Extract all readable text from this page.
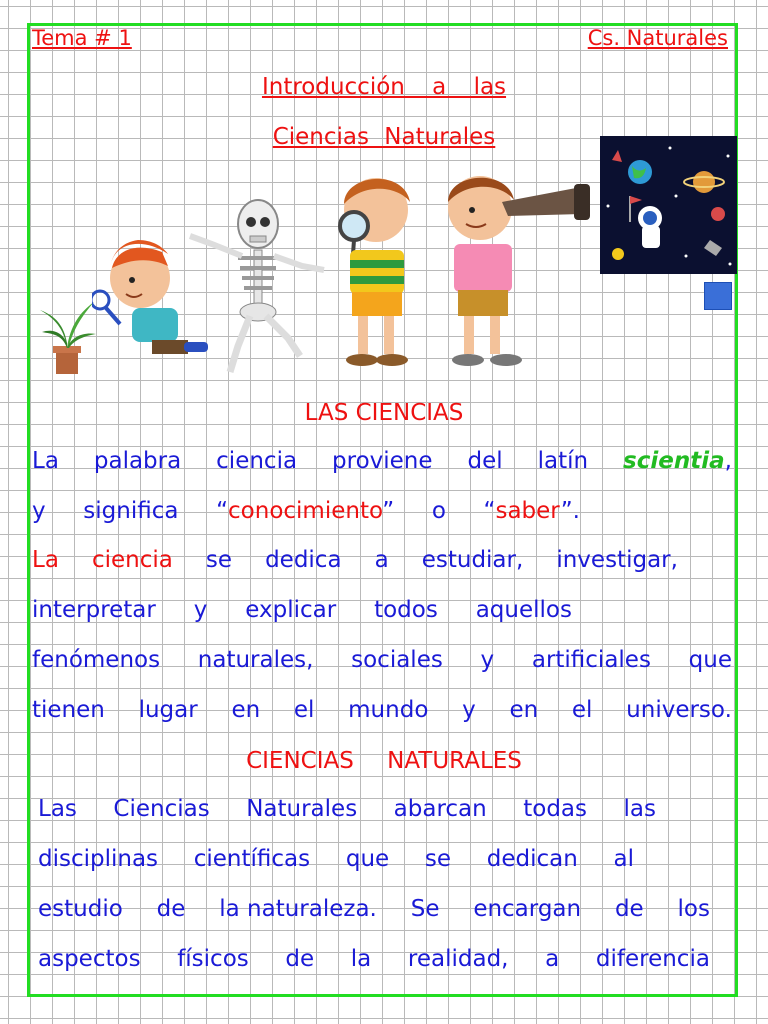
Tema # 1	Cs. Naturales
Introducción a las
Ciencias Naturales
LAS CIENCIAS
La palabra ciencia proviene del latín scientia,
y significa “conocimiento” o “saber”.
La ciencia se dedica a estudiar, investigar,
interpretar y explicar todos aquellos
fenómenos naturales, sociales y artificiales que
tienen lugar en el mundo y en el universo.
CIENCIAS NATURALES
Las Ciencias Naturales abarcan todas las
disciplinas científicas que se dedican al
estudio de la naturaleza. Se encargan de los
aspectos físicos de la realidad, a diferencia
